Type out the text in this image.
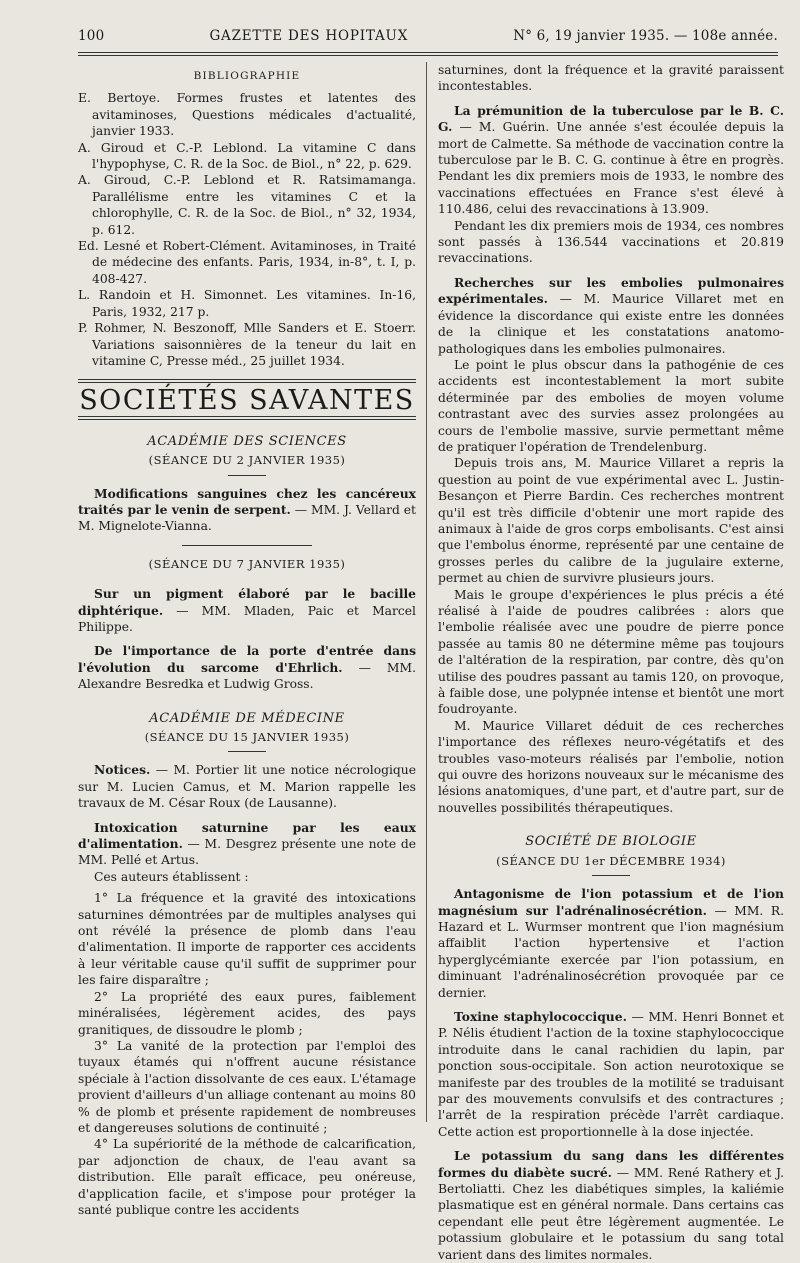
100	GAZETTE DES HOPITAUX	N° 6, 19 janvier 1935. — 108e année.
BIBLIOGRAPHIE

E. Bertoye. Formes frustes et latentes des avitaminoses, Questions médicales d'actualité, janvier 1933.

A. Giroud et C.-P. Leblond. La vitamine C dans l'hypophyse, C. R. de la Soc. de Biol., n° 22, p. 629.

A. Giroud, C.-P. Leblond et R. Ratsimamanga. Parallélisme entre les vitamines C et la chlorophylle, C. R. de la Soc. de Biol., n° 32, 1934, p. 612.

Ed. Lesné et Robert-Clément. Avitaminoses, in Traité de médecine des enfants. Paris, 1934, in-8°, t. I, p. 408-427.

L. Randoin et H. Simonnet. Les vitamines. In-16, Paris, 1932, 217 p.

P. Rohmer, N. Beszonoff, Mlle Sanders et E. Stoerr. Variations saisonnières de la teneur du lait en vitamine C, Presse méd., 25 juillet 1934.

SOCIÉTÉS SAVANTES
ACADÉMIE DES SCIENCES
(SÉANCE DU 2 JANVIER 1935)

Modifications sanguines chez les cancéreux traités par le venin de serpent. — MM. J. Vellard et M. Mignelote-Vianna.

(SÉANCE DU 7 JANVIER 1935)

Sur un pigment élaboré par le bacille diphtérique. — MM. Mladen, Paic et Marcel Philippe.

De l'importance de la porte d'entrée dans l'évolution du sarcome d'Ehrlich. — MM. Alexandre Besredka et Ludwig Gross.

ACADÉMIE DE MÉDECINE
(SÉANCE DU 15 JANVIER 1935)

Notices. — M. Portier lit une notice nécrologique sur M. Lucien Camus, et M. Marion rappelle les travaux de M. César Roux (de Lausanne).

Intoxication saturnine par les eaux d'alimentation. — M. Desgrez présente une note de MM. Pellé et Artus.

Ces auteurs établissent :

1° La fréquence et la gravité des intoxications saturnines démontrées par de multiples analyses qui ont révélé la présence de plomb dans l'eau d'alimentation. Il importe de rapporter ces accidents à leur véritable cause qu'il suffit de supprimer pour les faire disparaître ;

2° La propriété des eaux pures, faiblement minéralisées, légèrement acides, des pays granitiques, de dissoudre le plomb ;

3° La vanité de la protection par l'emploi des tuyaux étamés qui n'offrent aucune résistance spéciale à l'action dissolvante de ces eaux. L'étamage provient d'ailleurs d'un alliage contenant au moins 80 % de plomb et présente rapidement de nombreuses et dangereuses solutions de continuité ;

4° La supériorité de la méthode de calcarification, par adjonction de chaux, de l'eau avant sa distribution. Elle paraît efficace, peu onéreuse, d'application facile, et s'impose pour protéger la santé publique contre les accidents

saturnines, dont la fréquence et la gravité paraissent incontestables.

La prémunition de la tuberculose par le B. C. G. — M. Guérin. Une année s'est écoulée depuis la mort de Calmette. Sa méthode de vaccination contre la tuberculose par le B. C. G. continue à être en progrès. Pendant les dix premiers mois de 1933, le nombre des vaccinations effectuées en France s'est élevé à 110.486, celui des revaccinations à 13.909.

Pendant les dix premiers mois de 1934, ces nombres sont passés à 136.544 vaccinations et 20.819 revaccinations.

Recherches sur les embolies pulmonaires expérimentales. — M. Maurice Villaret met en évidence la discordance qui existe entre les données de la clinique et les constatations anatomo-pathologiques dans les embolies pulmonaires.

Le point le plus obscur dans la pathogénie de ces accidents est incontestablement la mort subite déterminée par des embolies de moyen volume contrastant avec des survies assez prolongées au cours de l'embolie massive, survie permettant même de pratiquer l'opération de Trendelenburg.

Depuis trois ans, M. Maurice Villaret a repris la question au point de vue expérimental avec L. Justin-Besançon et Pierre Bardin. Ces recherches montrent qu'il est très difficile d'obtenir une mort rapide des animaux à l'aide de gros corps embolisants. C'est ainsi que l'embolus énorme, représenté par une centaine de grosses perles du calibre de la jugulaire externe, permet au chien de survivre plusieurs jours.

Mais le groupe d'expériences le plus précis a été réalisé à l'aide de poudres calibrées : alors que l'embolie réalisée avec une poudre de pierre ponce passée au tamis 80 ne détermine même pas toujours de l'altération de la respiration, par contre, dès qu'on utilise des poudres passant au tamis 120, on provoque, à faible dose, une polypnée intense et bientôt une mort foudroyante.

M. Maurice Villaret déduit de ces recherches l'importance des réflexes neuro-végétatifs et des troubles vaso-moteurs réalisés par l'embolie, notion qui ouvre des horizons nouveaux sur le mécanisme des lésions anatomiques, d'une part, et d'autre part, sur de nouvelles possibilités thérapeutiques.

SOCIÉTÉ DE BIOLOGIE
(SÉANCE DU 1er DÉCEMBRE 1934)

Antagonisme de l'ion potassium et de l'ion magnésium sur l'adrénalinosécrétion. — MM. R. Hazard et L. Wurmser montrent que l'ion magnésium affaiblit l'action hypertensive et l'action hyperglycémiante exercée par l'ion potassium, en diminuant l'adrénalinosécrétion provoquée par ce dernier.

Toxine staphylococcique. — MM. Henri Bonnet et P. Nélis étudient l'action de la toxine staphylococcique introduite dans le canal rachidien du lapin, par ponction sous-occipitale. Son action neurotoxique se manifeste par des troubles de la motilité se traduisant par des mouvements convulsifs et des contractures ; l'arrêt de la respiration précède l'arrêt cardiaque. Cette action est proportionnelle à la dose injectée.

Le potassium du sang dans les différentes formes du diabète sucré. — MM. René Rathery et J. Bertoliatti. Chez les diabétiques simples, la kaliémie plasmatique est en général normale. Dans certains cas cependant elle peut être légèrement augmentée. Le potassium globulaire et le potassium du sang total varient dans des limites normales.
